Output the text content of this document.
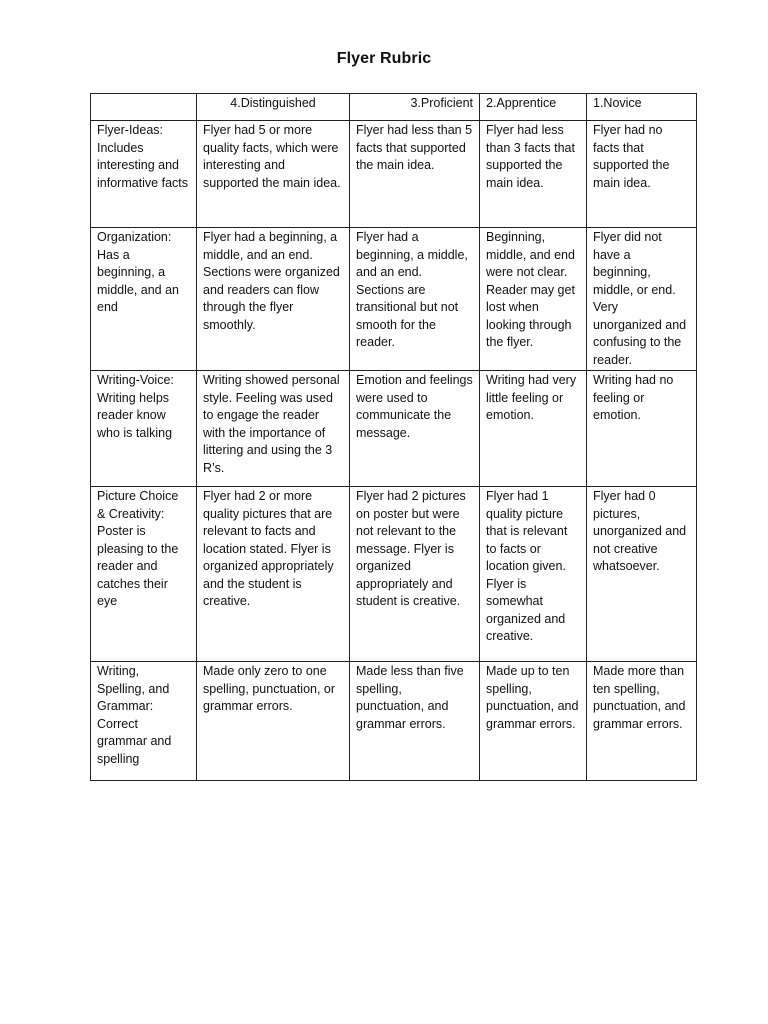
Flyer Rubric
	4.Distinguished	3.Proficient	2.Apprentice	1.Novice
Flyer-Ideas: Includes interesting and informative facts	Flyer had 5 or more quality facts, which were interesting and supported the main idea.	Flyer had less than 5 facts that supported the main idea.	Flyer had less than 3 facts that supported the main idea.	Flyer had no facts that supported the main idea.
Organization: Has a beginning, a middle, and an end	Flyer had a beginning, a middle, and an end. Sections were organized and readers can flow through the flyer smoothly.	Flyer had a beginning, a middle, and an end. Sections are transitional but not smooth for the reader.	Beginning, middle, and end were not clear. Reader may get lost when looking through the flyer.	Flyer did not have a beginning, middle, or end. Very unorganized and confusing to the reader.
Writing-Voice: Writing helps reader know who is talking	Writing showed personal style. Feeling was used to engage the reader with the importance of littering and using the 3 R’s.	Emotion and feelings were used to communicate the message.	Writing had very little feeling or emotion.	Writing had no feeling or emotion.
Picture Choice & Creativity: Poster is pleasing to the reader and catches their eye	Flyer had 2 or more quality pictures that are relevant to facts and location stated. Flyer is organized appropriately and the student is creative.	Flyer had 2 pictures on poster but were not relevant to the message. Flyer is organized appropriately and student is creative.	Flyer had 1 quality picture that is relevant to facts or location given. Flyer is somewhat organized and creative.	Flyer had 0 pictures, unorganized and not creative whatsoever.
Writing, Spelling, and Grammar: Correct grammar and spelling	Made only zero to one spelling, punctuation, or grammar errors.	Made less than five spelling, punctuation, and grammar errors.	Made up to ten spelling, punctuation, and grammar errors.	Made more than ten spelling, punctuation, and grammar errors.
